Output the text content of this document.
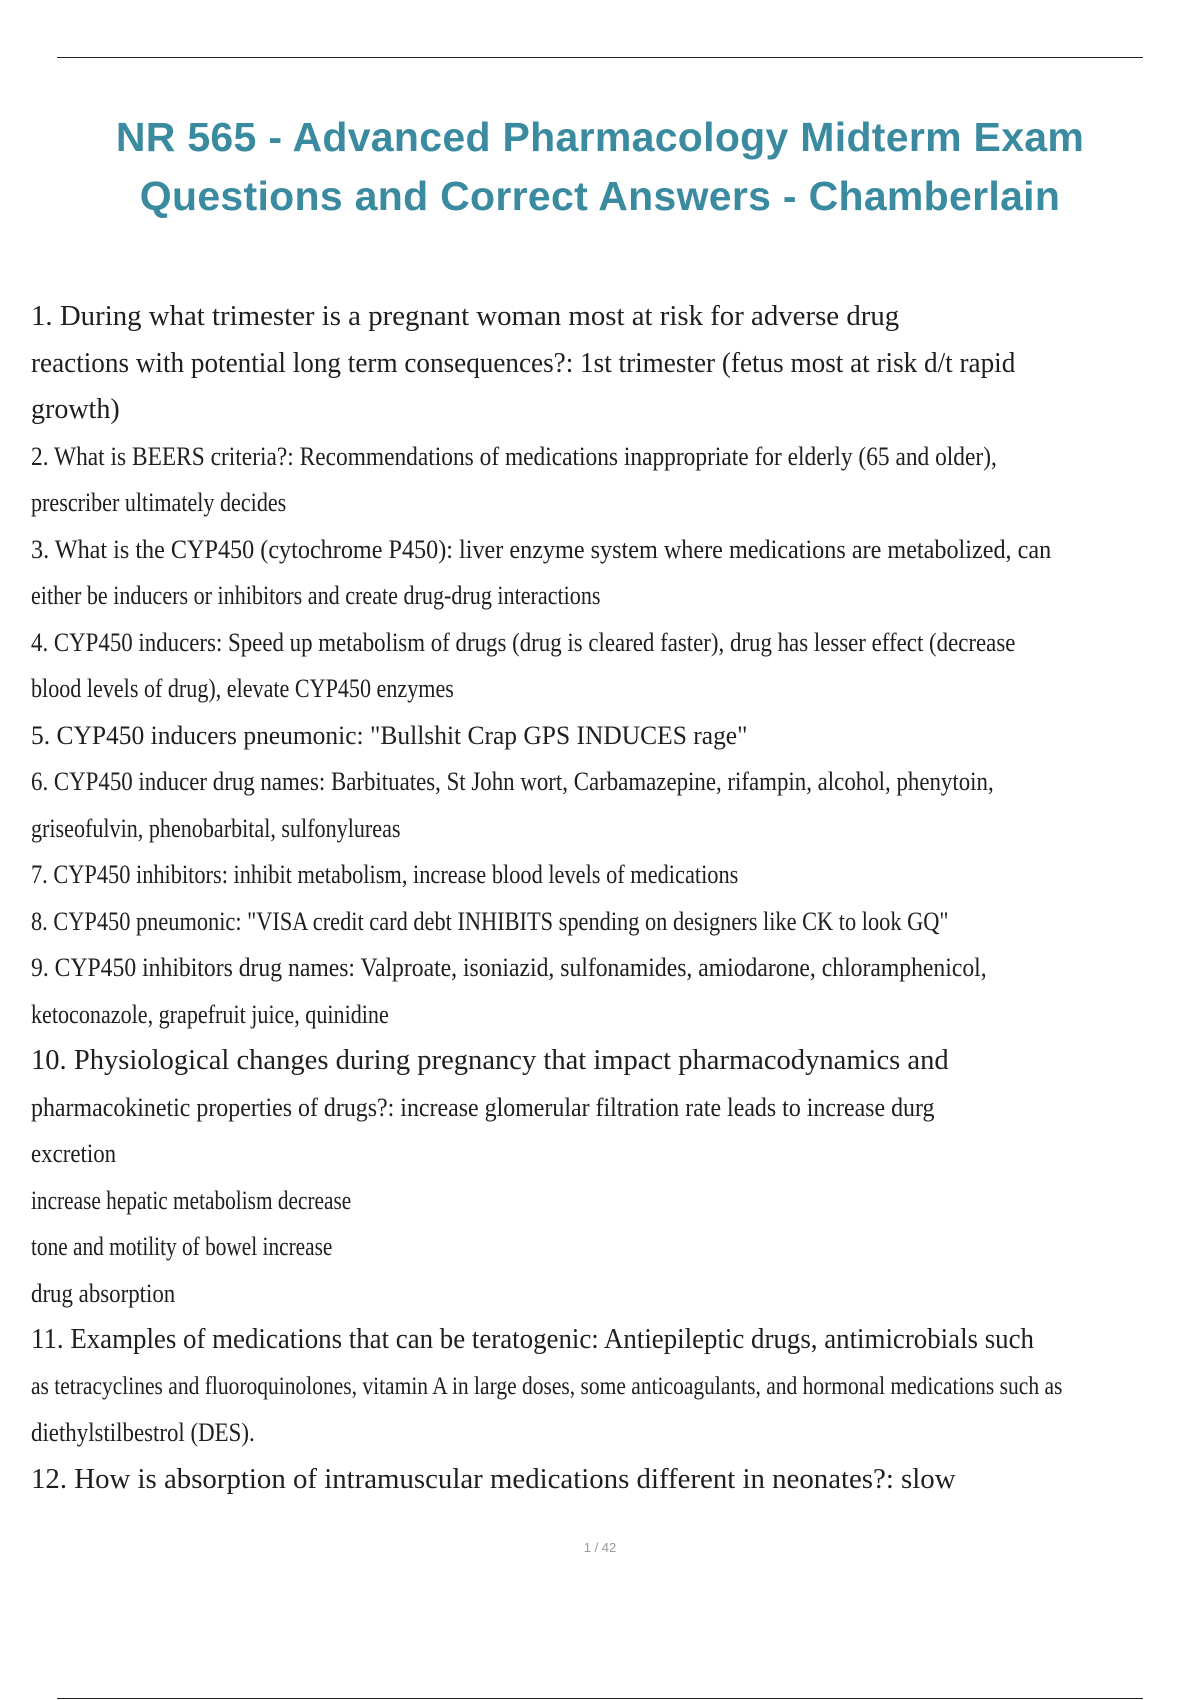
NR 565 - Advanced Pharmacology Midterm Exam
Questions and Correct Answers - Chamberlain
1. During what trimester is a pregnant woman most at risk for adverse drug
reactions with potential long term consequences?: 1st trimester (fetus most at risk d/t rapid
growth)
2. What is BEERS criteria?: Recommendations of medications inappropriate for elderly (65 and older),
prescriber ultimately decides
3. What is the CYP450 (cytochrome P450): liver enzyme system where medications are metabolized, can
either be inducers or inhibitors and create drug-drug interactions
4. CYP450 inducers: Speed up metabolism of drugs (drug is cleared faster), drug has lesser effect (decrease
blood levels of drug), elevate CYP450 enzymes
5. CYP450 inducers pneumonic: "Bullshit Crap GPS INDUCES rage"
6. CYP450 inducer drug names: Barbituates, St John wort, Carbamazepine, rifampin, alcohol, phenytoin,
griseofulvin, phenobarbital, sulfonylureas
7. CYP450 inhibitors: inhibit metabolism, increase blood levels of medications
8. CYP450 pneumonic: "VISA credit card debt INHIBITS spending on designers like CK to look GQ"
9. CYP450 inhibitors drug names: Valproate, isoniazid, sulfonamides, amiodarone, chloramphenicol,
ketoconazole, grapefruit juice, quinidine
10. Physiological changes during pregnancy that impact pharmacodynamics and
pharmacokinetic properties of drugs?: increase glomerular filtration rate leads to increase durg
excretion
increase hepatic metabolism decrease
tone and motility of bowel increase
drug absorption
11. Examples of medications that can be teratogenic: Antiepileptic drugs, antimicrobials such
as tetracyclines and fluoroquinolones, vitamin A in large doses, some anticoagulants, and hormonal medications such as
diethylstilbestrol (DES).
12. How is absorption of intramuscular medications different in neonates?: slow
1 / 42
